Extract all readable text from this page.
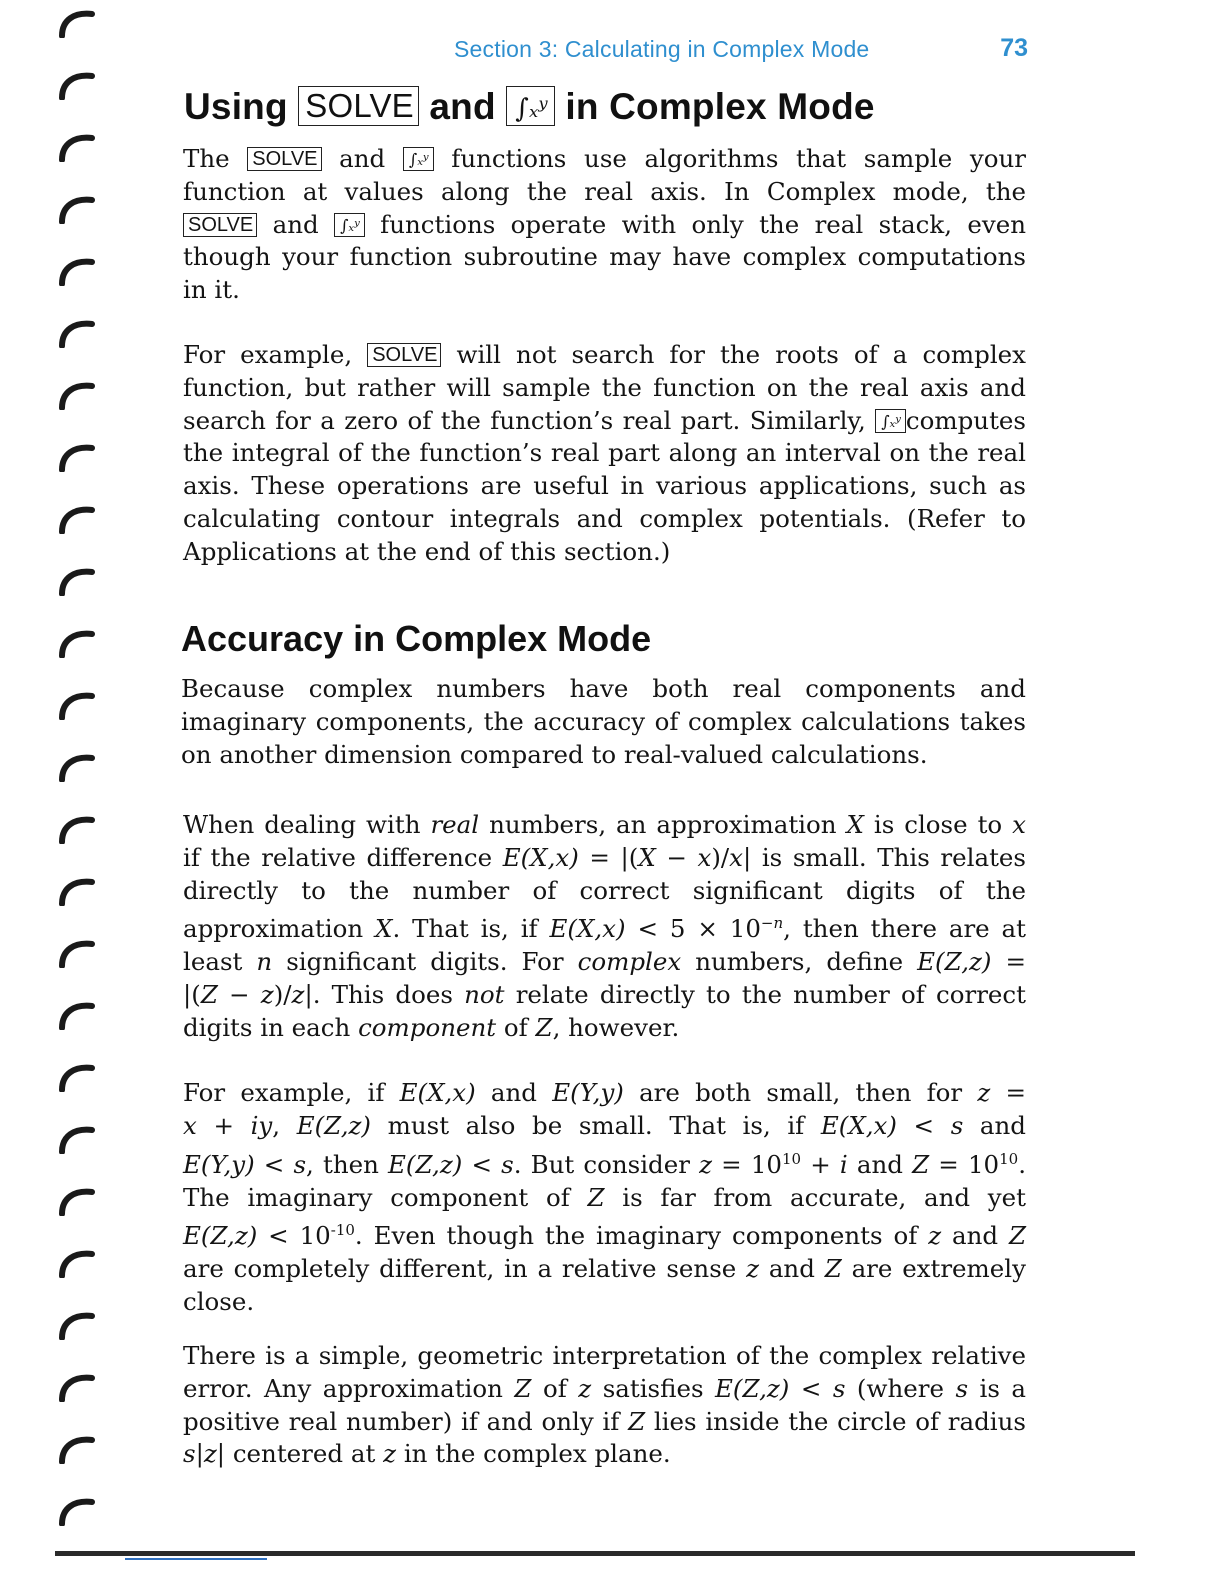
Section 3: Calculating in Complex Mode	73
Using SOLVE and ∫ₓʸ in Complex Mode
The SOLVE and ∫ₓʸ functions use algorithms that sample your
function at values along the real axis. In Complex mode, the
SOLVE and ∫ₓʸ functions operate with only the real stack, even
though your function subroutine may have complex computations
in it.
For example, SOLVE will not search for the roots of a complex
function, but rather will sample the function on the real axis and
search for a zero of the function’s real part. Similarly, ∫ₓʸ computes
the integral of the function’s real part along an interval on the real
axis. These operations are useful in various applications, such as
calculating contour integrals and complex potentials. (Refer to
Applications at the end of this section.)
Accuracy in Complex Mode
Because complex numbers have both real components and
imaginary components, the accuracy of complex calculations takes
on another dimension compared to real-valued calculations.
When dealing with real numbers, an approximation X is close to x
if the relative difference E(X,x) = |(X − x)/x| is small. This relates
directly to the number of correct significant digits of the
approximation X. That is, if $E(X,x) < 5 \times 10^{-n}$, then there are at
least n significant digits. For complex numbers, define E(Z,z) =
|(Z − z)/z|. This does not relate directly to the number of correct
digits in each component of Z, however.
For example, if E(X,x) and E(Y,y) are both small, then for z =
x + iy, E(Z,z) must also be small. That is, if E(X,x) < s and
E(Y,y) < s, then E(Z,z) < s. But consider $z = 10^{10} + i$ and $Z = 10^{10}$.
The imaginary component of Z is far from accurate, and yet
$E(Z,z) < 10^{-10}$. Even though the imaginary components of z and Z
are completely different, in a relative sense z and Z are extremely
close.
There is a simple, geometric interpretation of the complex relative
error. Any approximation Z of z satisfies E(Z,z) < s (where s is a
positive real number) if and only if Z lies inside the circle of radius
s|z| centered at z in the complex plane.
